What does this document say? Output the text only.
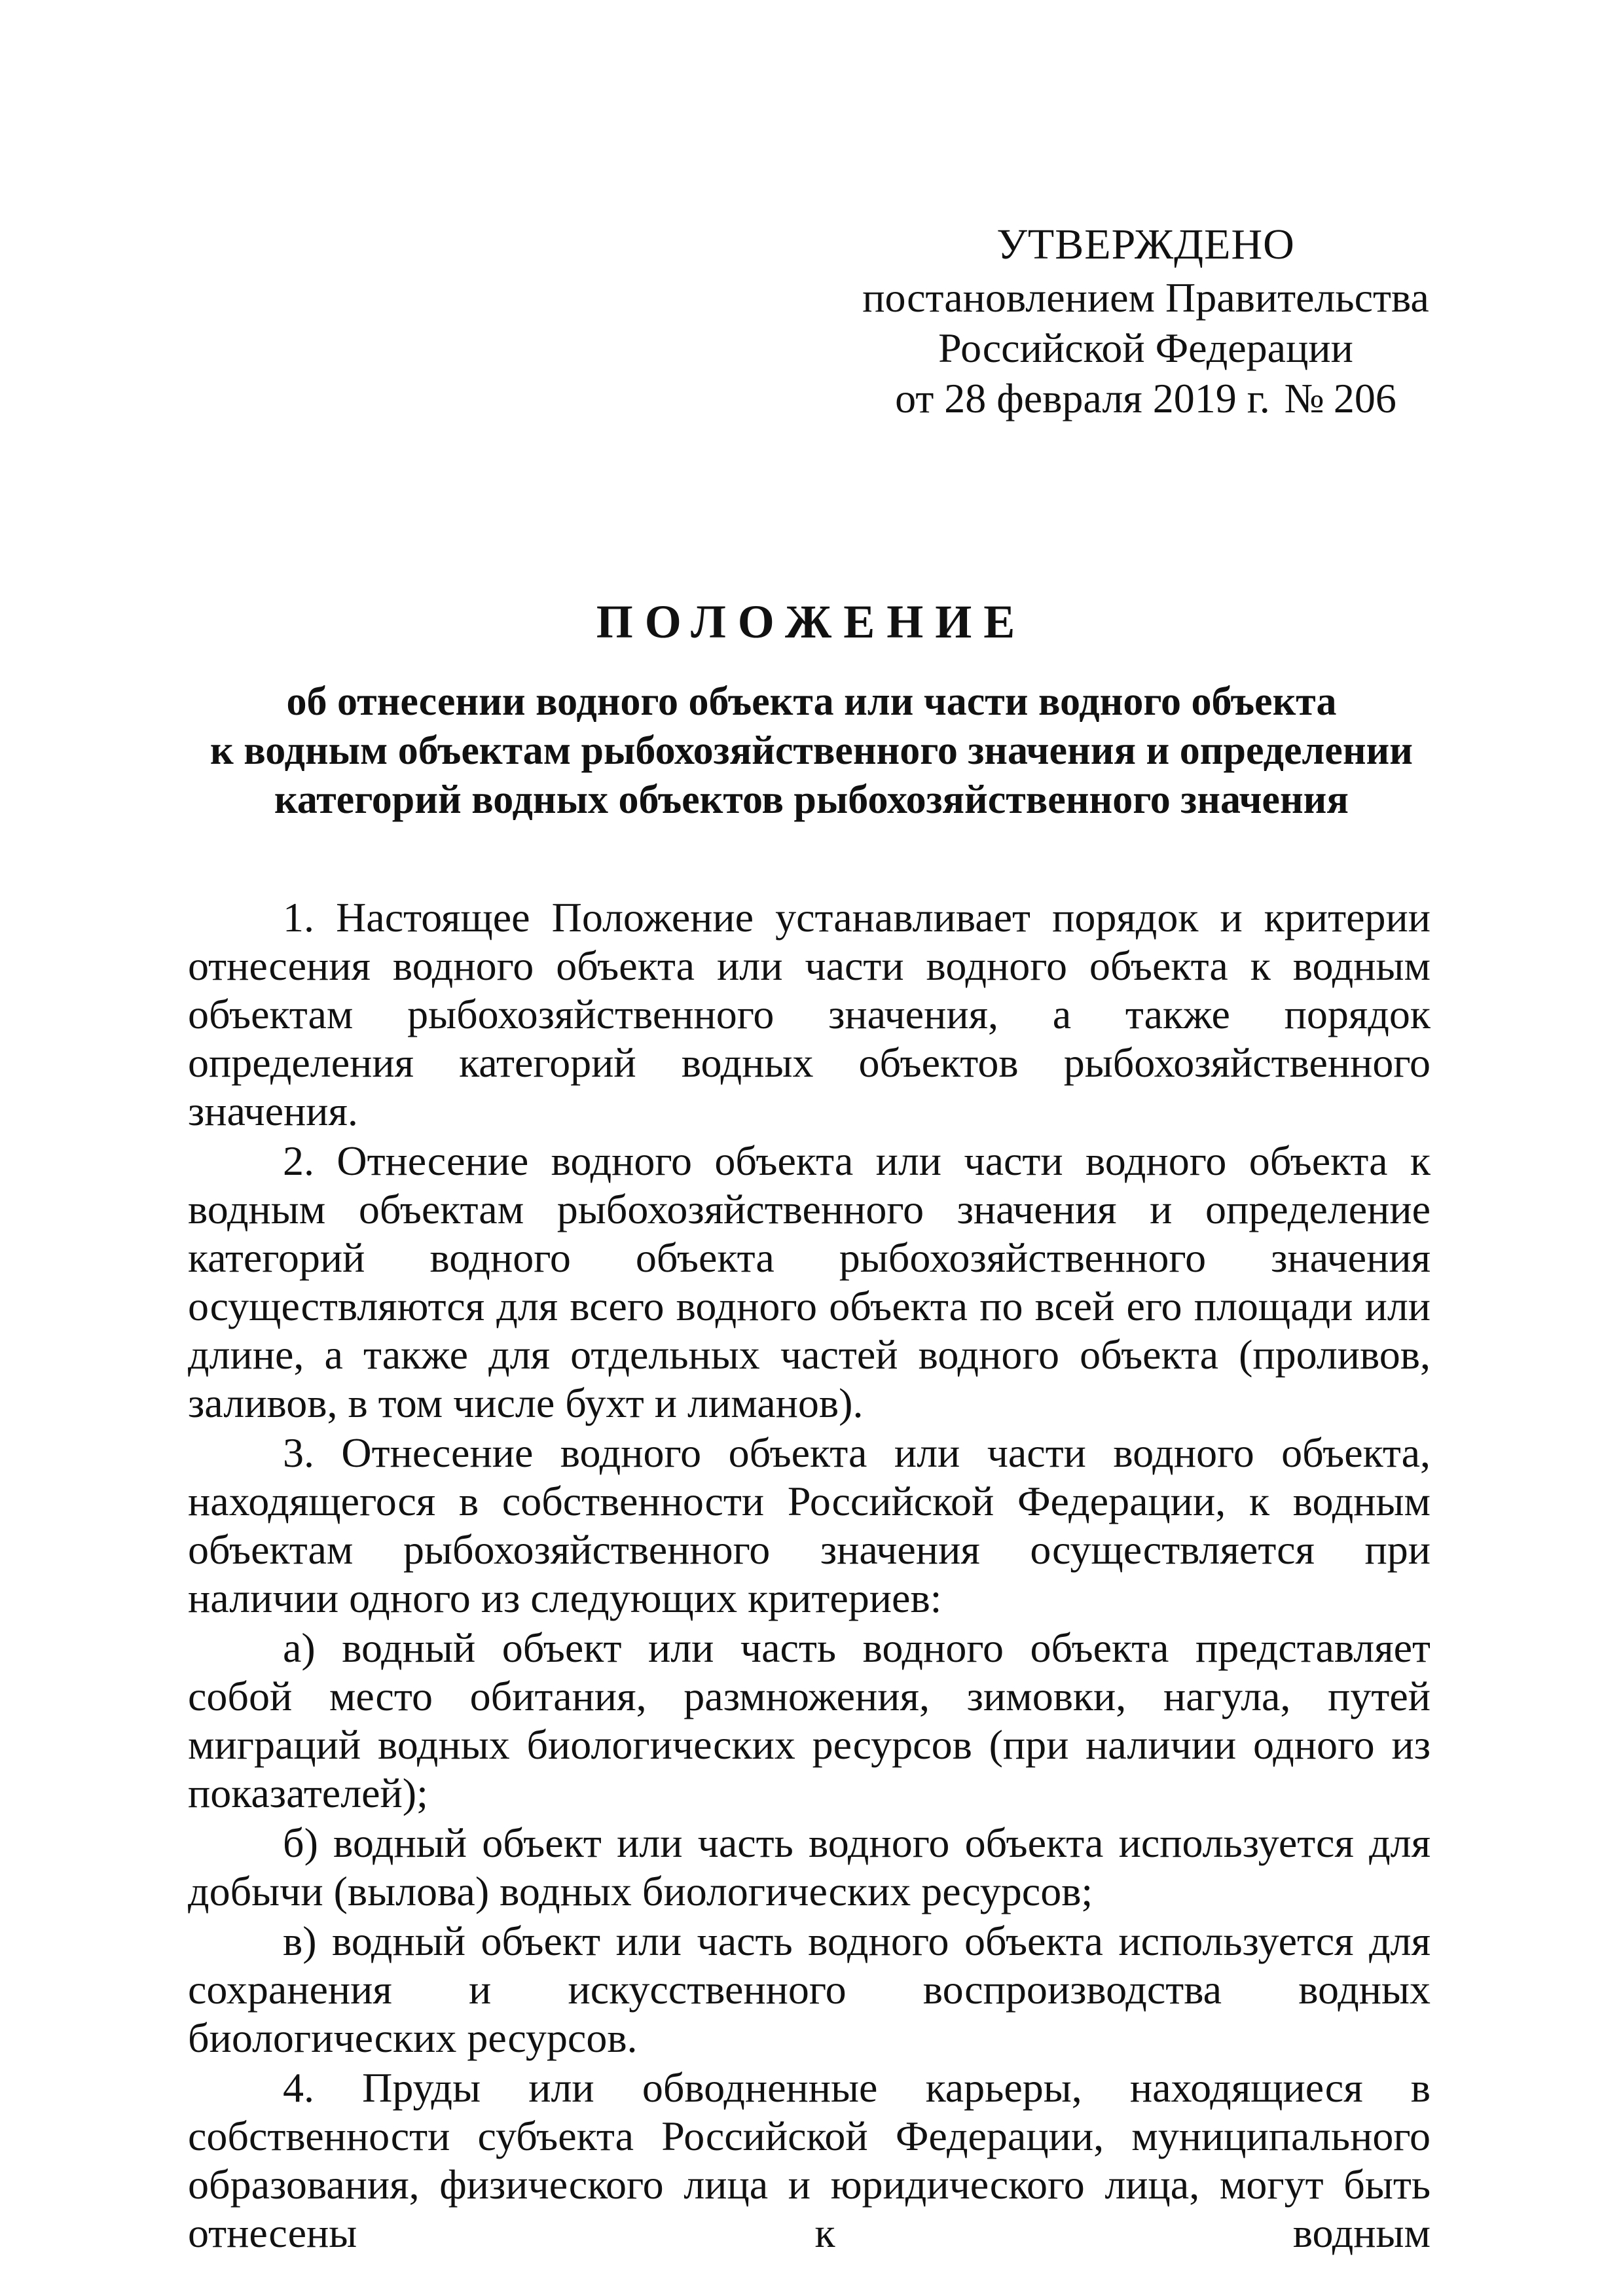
УТВЕРЖДЕНО
постановлением Правительства
Российской Федерации
от 28 февраля 2019 г. № 206
ПОЛОЖЕНИЕ
об отнесении водного объекта или части водного объекта
к водным объектам рыбохозяйственного значения и определении
категорий водных объектов рыбохозяйственного значения

1. Настоящее Положение устанавливает порядок и критерии отнесения водного объекта или части водного объекта к водным объектам рыбохозяйственного значения, а также порядок определения категорий водных объектов рыбохозяйственного значения.

2. Отнесение водного объекта или части водного объекта к водным объектам рыбохозяйственного значения и определение категорий водного объекта рыбохозяйственного значения осуществляются для всего водного объекта по всей его площади или длине, а также для отдельных частей водного объекта (проливов, заливов, в том числе бухт и лиманов).

3. Отнесение водного объекта или части водного объекта, находящегося в собственности Российской Федерации, к водным объектам рыбохозяйственного значения осуществляется при наличии одного из следующих критериев:

а) водный объект или часть водного объекта представляет собой место обитания, размножения, зимовки, нагула, путей миграций водных биологических ресурсов (при наличии одного из показателей);

б) водный объект или часть водного объекта используется для добычи (вылова) водных биологических ресурсов;

в) водный объект или часть водного объекта используется для сохранения и искусственного воспроизводства водных биологических ресурсов.

4. Пруды или обводненные карьеры, находящиеся в собственности субъекта Российской Федерации, муниципального образования, физического лица и юридического лица, могут быть отнесены к водным
